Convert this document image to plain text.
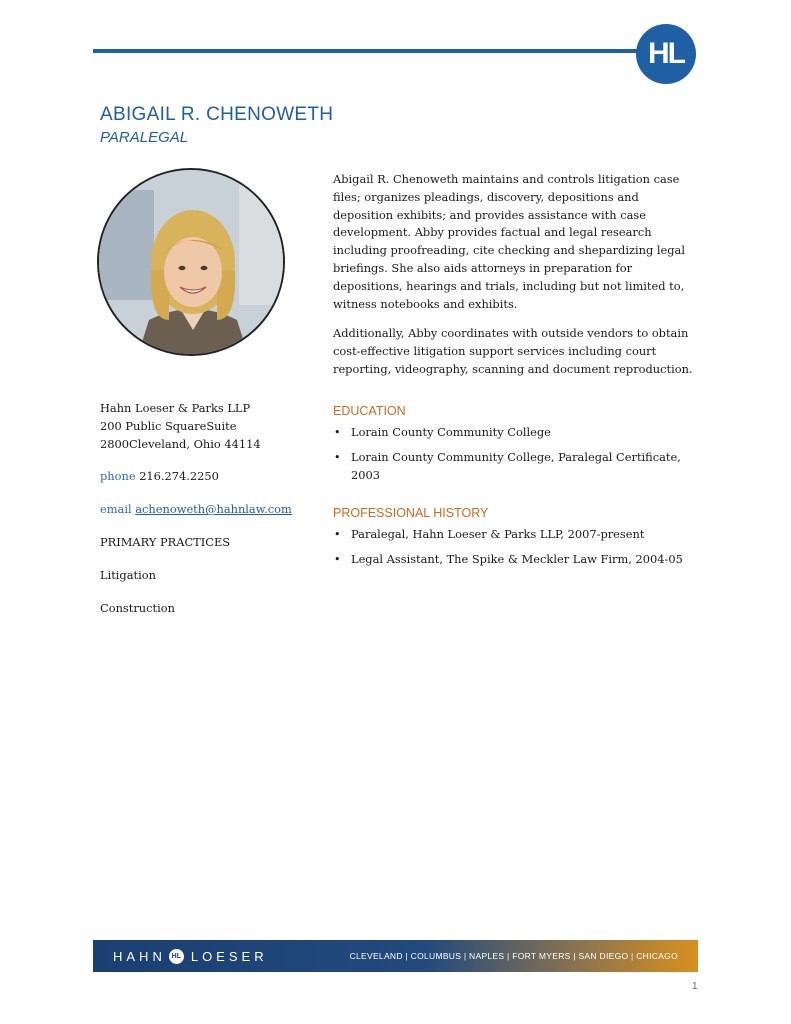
HL
ABIGAIL R. CHENOWETH
PARALEGAL

Abigail R. Chenoweth maintains and controls litigation case files; organizes pleadings, discovery, depositions and deposition exhibits; and provides assistance with case development. Abby provides factual and legal research including proofreading, cite checking and shepardizing legal briefings. She also aids attorneys in preparation for depositions, hearings and trials, including but not limited to, witness notebooks and exhibits.

Additionally, Abby coordinates with outside vendors to obtain cost-effective litigation support services including court reporting, videography, scanning and document reproduction.

Hahn Loeser & Parks LLP
200 Public SquareSuite
2800Cleveland, Ohio 44114
phone 216.274.2250
email achenoweth@hahnlaw.com
PRIMARY PRACTICES
Litigation
Construction
EDUCATION
• Lorain County Community College
• Lorain County Community College, Paralegal Certificate, 2003
PROFESSIONAL HISTORY
• Paralegal, Hahn Loeser & Parks LLP, 2007-present
• Legal Assistant, The Spike & Meckler Law Firm, 2004-05
HAHN HL LOESER	CLEVELAND | COLUMBUS | NAPLES | FORT MYERS | SAN DIEGO | CHICAGO
1
